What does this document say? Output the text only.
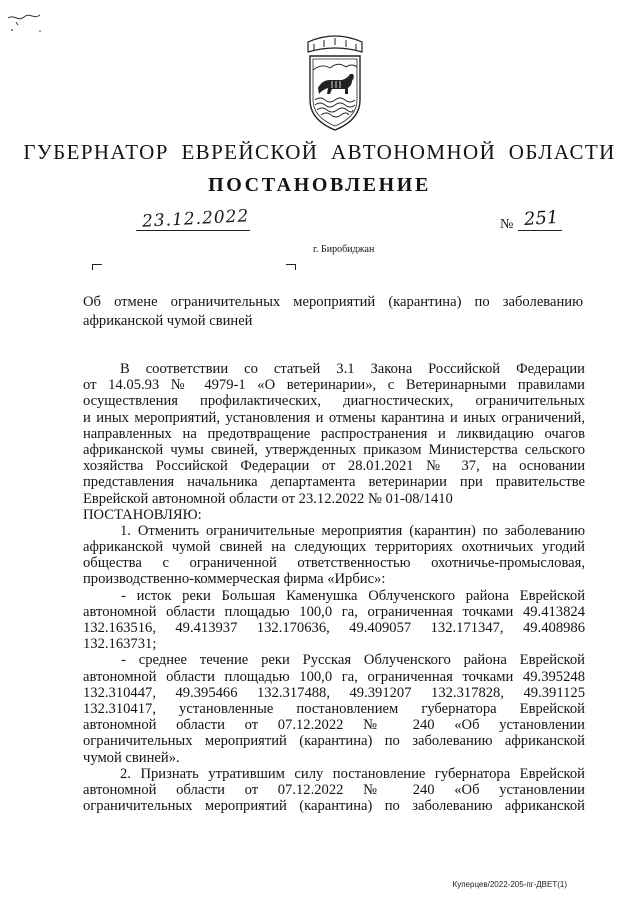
ГУБЕРНАТОР ЕВРЕЙСКОЙ АВТОНОМНОЙ ОБЛАСТИ
ПОСТАНОВЛЕНИЕ
23.12.2022	№ 251
г. Биробиджан
Об отмене ограничительных мероприятий (карантина) по заболеванию африканской чумой свиней
В соответствии со статьей 3.1 Закона Российской Федерации
от 14.05.93 № 4979-1 «О ветеринарии», с Ветеринарными правилами
осуществления профилактических, диагностических, ограничительных
и иных мероприятий, установления и отмены карантина и иных ограничений,
направленных на предотвращение распространения и ликвидацию очагов
африканской чумы свиней, утвержденных приказом Министерства сельского
хозяйства Российской Федерации от 28.01.2021 № 37, на основании
представления начальника департамента ветеринарии при правительстве
Еврейской автономной области от 23.12.2022 № 01-08/1410
ПОСТАНОВЛЯЮ:
1. Отменить ограничительные мероприятия (карантин) по заболеванию
африканской чумой свиней на следующих территориях охотничьих угодий
общества с ограниченной ответственностью охотничье-промысловая,
производственно-коммерческая фирма «Ирбис»:
- исток реки Большая Каменушка Облученского района Еврейской
автономной области площадью 100,0 га, ограниченная точками 49.413824
132.163516, 49.413937 132.170636, 49.409057 132.171347, 49.408986
132.163731;
- среднее течение реки Русская Облученского района Еврейской
автономной области площадью 100,0 га, ограниченная точками 49.395248
132.310447, 49.395466 132.317488, 49.391207 132.317828, 49.391125
132.310417, установленные постановлением губернатора Еврейской
автономной области от 07.12.2022 № 240 «Об установлении
ограничительных мероприятий (карантина) по заболеванию африканской
чумой свиней».
2. Признать утратившим силу постановление губернатора Еврейской
автономной области от 07.12.2022 № 240 «Об установлении
ограничительных мероприятий (карантина) по заболеванию африканской
Куперцев/2022-205-пг-ДВЕТ(1)
